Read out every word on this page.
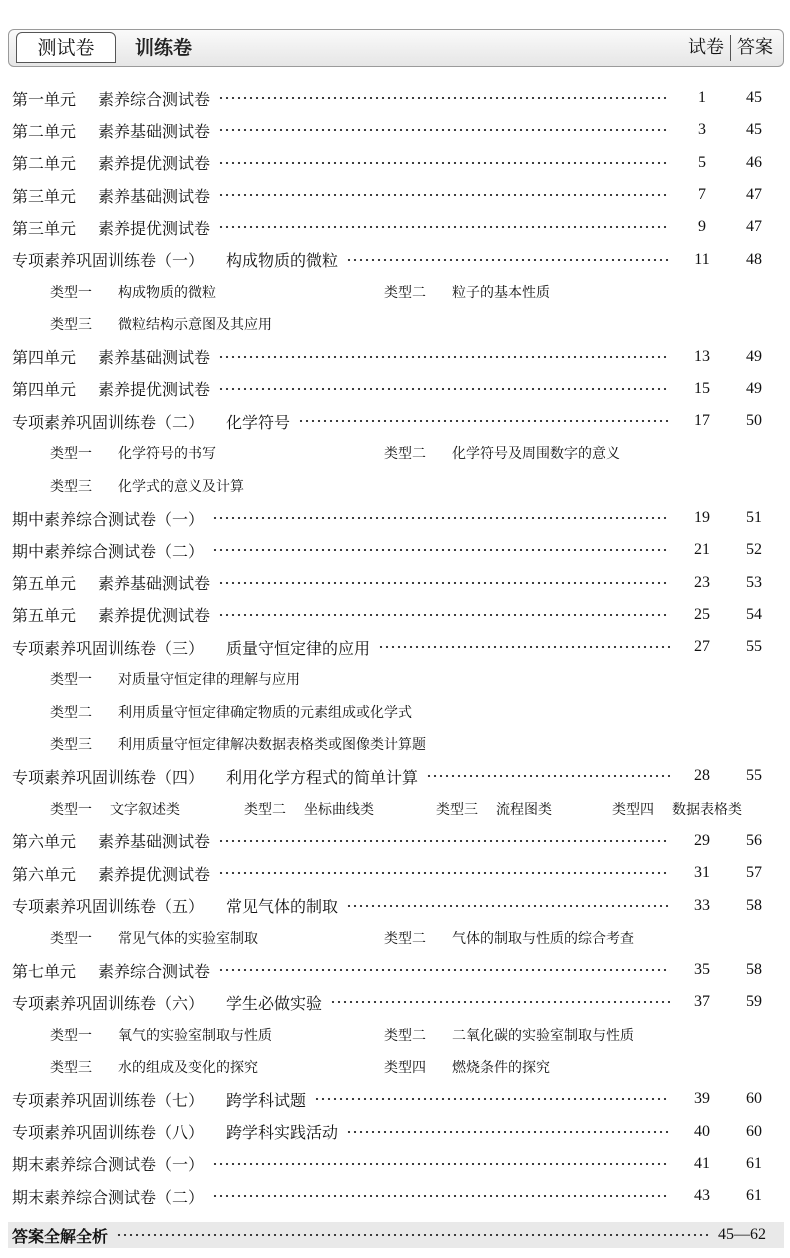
测试卷	训练卷	试卷 答案
第一单元 素养综合测试卷	1	45
第二单元 素养基础测试卷	3	45
第二单元 素养提优测试卷	5	46
第三单元 素养基础测试卷	7	47
第三单元 素养提优测试卷	9	47
专项素养巩固训练卷（一） 构成物质的微粒	11	48
类型一 构成物质的微粒	类型二 粒子的基本性质
类型三 微粒结构示意图及其应用
第四单元 素养基础测试卷	13	49
第四单元 素养提优测试卷	15	49
专项素养巩固训练卷（二） 化学符号	17	50
类型一 化学符号的书写	类型二 化学符号及周围数字的意义
类型三 化学式的意义及计算
期中素养综合测试卷（一）	19	51
期中素养综合测试卷（二）	21	52
第五单元 素养基础测试卷	23	53
第五单元 素养提优测试卷	25	54
专项素养巩固训练卷（三） 质量守恒定律的应用	27	55
类型一 对质量守恒定律的理解与应用
类型二 利用质量守恒定律确定物质的元素组成或化学式
类型三 利用质量守恒定律解决数据表格类或图像类计算题
专项素养巩固训练卷（四） 利用化学方程式的简单计算	28	55
类型一 文字叙述类	类型二 坐标曲线类	类型三 流程图类	类型四 数据表格类
第六单元 素养基础测试卷	29	56
第六单元 素养提优测试卷	31	57
专项素养巩固训练卷（五） 常见气体的制取	33	58
类型一 常见气体的实验室制取	类型二 气体的制取与性质的综合考查
第七单元 素养综合测试卷	35	58
专项素养巩固训练卷（六） 学生必做实验	37	59
类型一 氧气的实验室制取与性质	类型二 二氧化碳的实验室制取与性质
类型三 水的组成及变化的探究	类型四 燃烧条件的探究
专项素养巩固训练卷（七） 跨学科试题	39	60
专项素养巩固训练卷（八） 跨学科实践活动	40	60
期末素养综合测试卷（一）	41	61
期末素养综合测试卷（二）	43	61
答案全解全析	45—62
